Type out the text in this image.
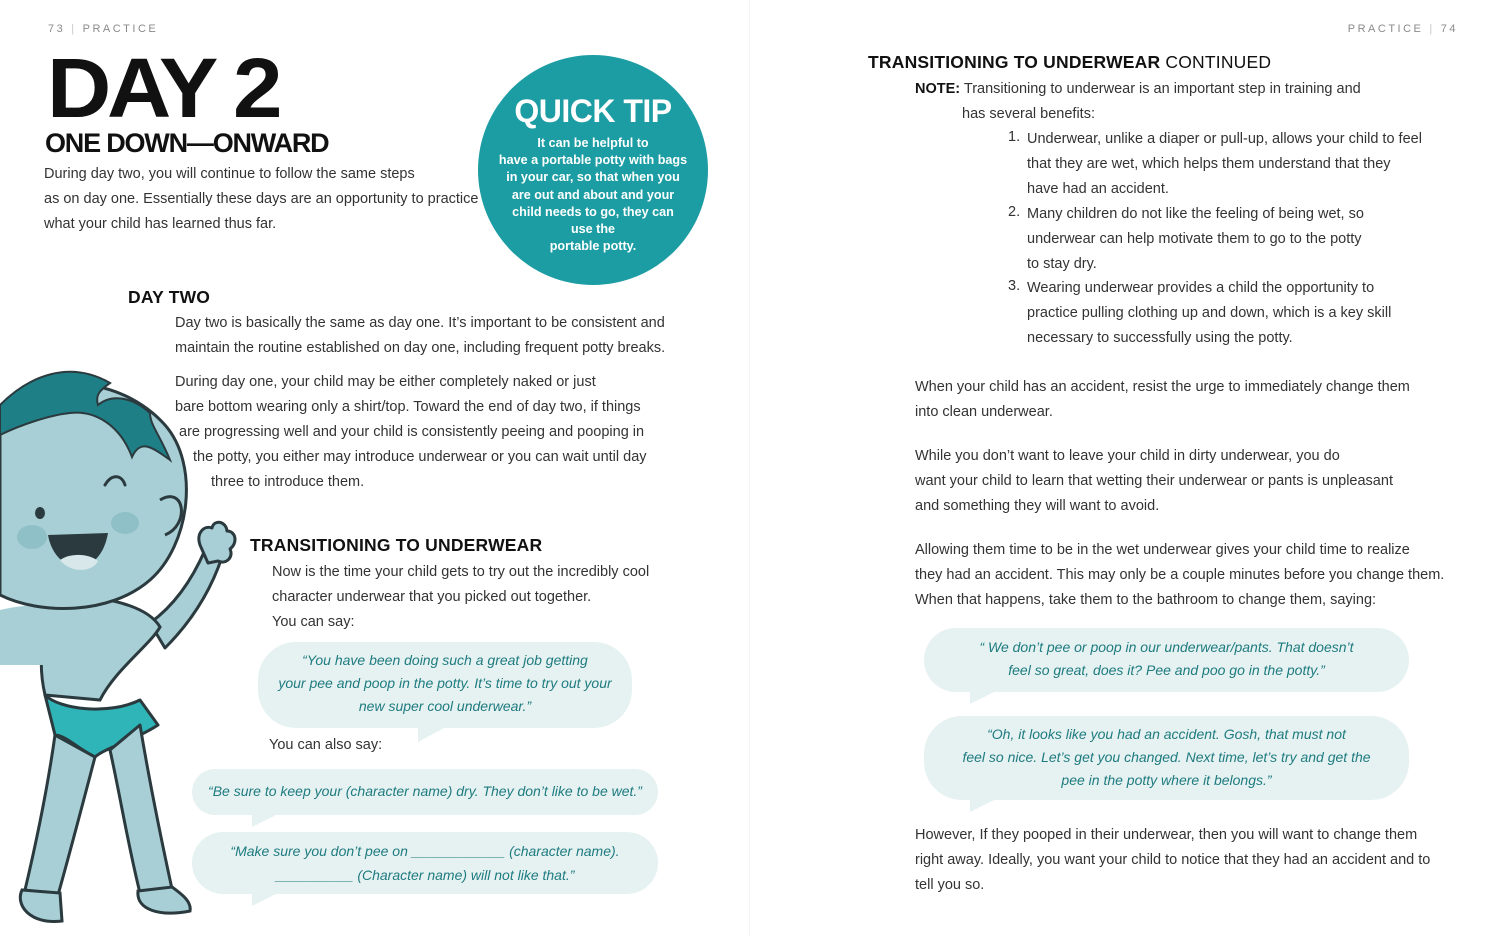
73 | PRACTICE
DAY 2
ONE DOWN—ONWARD
During day two, you will continue to follow the same steps
as on day one. Essentially these days are an opportunity to practice
what your child has learned thus far.
QUICK TIP
It can be helpful to
have a portable potty with bags
in your car, so that when you
are out and about and your
child needs to go, they can
use the
portable potty.
DAY TWO
Day two is basically the same as day one. It’s important to be consistent and
maintain the routine established on day one, including frequent potty breaks.
During day one, your child may be either completely naked or just
bare bottom wearing only a shirt/top. Toward the end of day two, if things
are progressing well and your child is consistently peeing and pooping in
the potty, you either may introduce underwear or you can wait until day
three to introduce them.
TRANSITIONING TO UNDERWEAR
Now is the time your child gets to try out the incredibly cool
character underwear that you picked out together.
You can say:
“You have been doing such a great job getting
your pee and poop in the potty. It’s time to try out your
new super cool underwear.”
You can also say:
“Be sure to keep your (character name) dry. They don’t like to be wet.”
“Make sure you don’t pee on ____________ (character name).
__________ (Character name) will not like that.”
PRACTICE | 74
TRANSITIONING TO UNDERWEAR CONTINUED
NOTE: Transitioning to underwear is an important step in training and
has several benefits:
1. Underwear, unlike a diaper or pull-up, allows your child to feel
that they are wet, which helps them understand that they
have had an accident.
2. Many children do not like the feeling of being wet, so
underwear can help motivate them to go to the potty
to stay dry.
3. Wearing underwear provides a child the opportunity to
practice pulling clothing up and down, which is a key skill
necessary to successfully using the potty.
When your child has an accident, resist the urge to immediately change them
into clean underwear.
While you don’t want to leave your child in dirty underwear, you do
want your child to learn that wetting their underwear or pants is unpleasant
and something they will want to avoid.
Allowing them time to be in the wet underwear gives your child time to realize
they had an accident. This may only be a couple minutes before you change them.
When that happens, take them to the bathroom to change them, saying:
“ We don’t pee or poop in our underwear/pants. That doesn’t
feel so great, does it? Pee and poo go in the potty.”
“Oh, it looks like you had an accident. Gosh, that must not
feel so nice. Let’s get you changed. Next time, let’s try and get the
pee in the potty where it belongs.”
However, If they pooped in their underwear, then you will want to change them
right away. Ideally, you want your child to notice that they had an accident and to
tell you so.
